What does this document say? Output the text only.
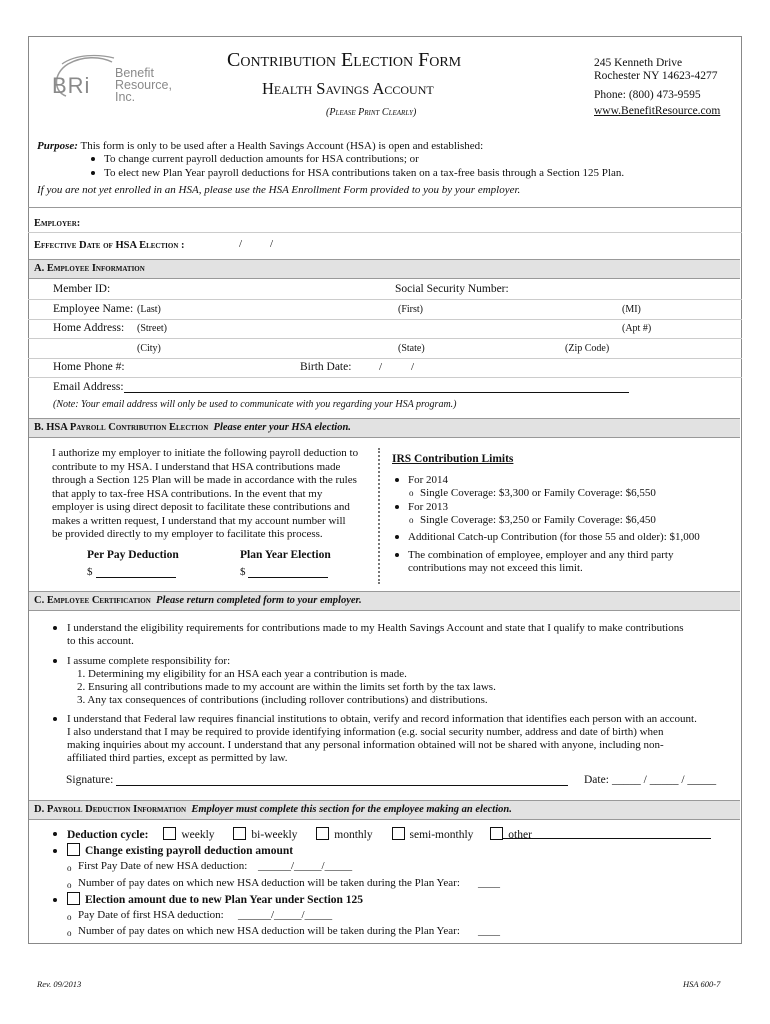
BRi Benefit
Resource,
Inc.
Contribution Election Form
Health Savings Account
(Please Print Clearly)
245 Kenneth Drive
Rochester NY 14623-4277
Phone: (800) 473-9595
www.BenefitResource.com
Purpose: This form is only to be used after a Health Savings Account (HSA) is open and established:
To change current payroll deduction amounts for HSA contributions; or
To elect new Plan Year payroll deductions for HSA contributions taken on a tax-free basis through a Section 125 Plan.
If you are not yet enrolled in an HSA, please use the HSA Enrollment Form provided to you by your employer.
Employer:
Effective Date of HSA Election :	/	/
A. Employee Information
Member ID:	Social Security Number:
Employee Name: (Last)	(First)	(MI)
Home Address: (Street)	(Apt #)
(City)	(State)	(Zip Code)
Home Phone #:	Birth Date:	/	/
Email Address:
(Note: Your email address will only be used to communicate with you regarding your HSA program.)
B. HSA Payroll Contribution Election Please enter your HSA election.
I authorize my employer to initiate the following payroll deduction to
contribute to my HSA. I understand that HSA contributions made
through a Section 125 Plan will be made in accordance with the rules
that apply to tax-free HSA contributions. In the event that my
employer is using direct deposit to facilitate these contributions and
makes a written request, I understand that my account number will
be provided directly to my employer to facilitate this process.
Per Pay Deduction	Plan Year Election
$	$
IRS Contribution Limits
For 2014
o Single Coverage: $3,300 or Family Coverage: $6,550
For 2013
o Single Coverage: $3,250 or Family Coverage: $6,450
Additional Catch-up Contribution (for those 55 and older): $1,000
The combination of employee, employer and any third party
contributions may not exceed this limit.
C. Employee Certification Please return completed form to your employer.
I understand the eligibility requirements for contributions made to my Health Savings Account and state that I qualify to make contributions
to this account.
I assume complete responsibility for:
1. Determining my eligibility for an HSA each year a contribution is made.
2. Ensuring all contributions made to my account are within the limits set forth by the tax laws.
3. Any tax consequences of contributions (including rollover contributions) and distributions.
I understand that Federal law requires financial institutions to obtain, verify and record information that identifies each person with an account.
I also understand that I may be required to provide identifying information (e.g. social security number, address and date of birth) when
making inquiries about my account. I understand that any personal information obtained will not be shared with anyone, including non-
affiliated third parties, except as permitted by law.
Signature:	Date: _____ / _____ / _____
D. Payroll Deduction Information Employer must complete this section for the employee making an election.
Deduction cycle:	weekly	bi-weekly	monthly	semi-monthly	other
Change existing payroll deduction amount
o First Pay Date of new HSA deduction: ______/_____/_____
o Number of pay dates on which new HSA deduction will be taken during the Plan Year: ____
Election amount due to new Plan Year under Section 125
o Pay Date of first HSA deduction: ______/_____/_____
o Number of pay dates on which new HSA deduction will be taken during the Plan Year: ____
Rev. 09/2013	HSA 600-7
